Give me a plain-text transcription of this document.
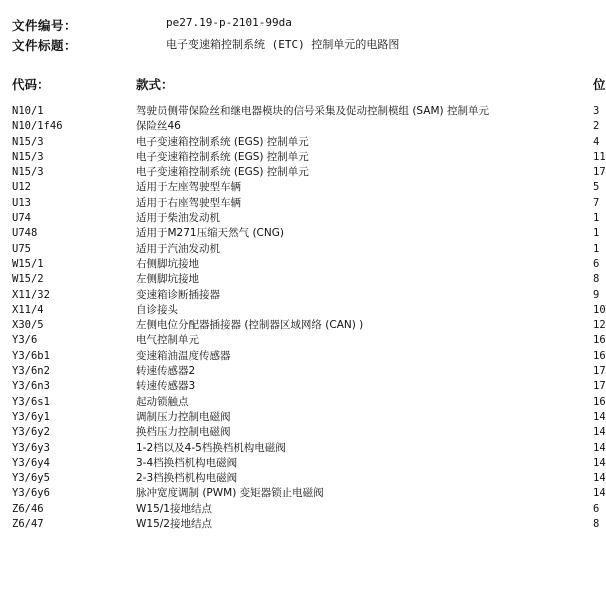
文件编号：	pe27.19-p-2101-99da
文件标题：	电子变速箱控制系统 (ETC) 控制单元的电路图
代码：	款式：	位
N10/1	驾驶员侧带保险丝和继电器模块的信号采集及促动控制模组 (SAM) 控制单元	3
N10/1f46	保险丝46	2
N15/3	电子变速箱控制系统 (EGS) 控制单元	4
N15/3	电子变速箱控制系统 (EGS) 控制单元	11
N15/3	电子变速箱控制系统 (EGS) 控制单元	17
U12	适用于左座驾驶型车辆	5
U13	适用于右座驾驶型车辆	7
U74	适用于柴油发动机	1
U748	适用于M271压缩天然气 (CNG)	1
U75	适用于汽油发动机	1
W15/1	右侧脚坑接地	6
W15/2	左侧脚坑接地	8
X11/32	变速箱诊断插接器	9
X11/4	自诊接头	10
X30/5	左侧电位分配器插接器 (控制器区域网络 (CAN) )	12
Y3/6	电气控制单元	16
Y3/6b1	变速箱油温度传感器	16
Y3/6n2	转速传感器2	17
Y3/6n3	转速传感器3	17
Y3/6s1	起动锁触点	16
Y3/6y1	调制压力控制电磁阀	14
Y3/6y2	换档压力控制电磁阀	14
Y3/6y3	1-2档以及4-5档换档机构电磁阀	14
Y3/6y4	3-4档换档机构电磁阀	14
Y3/6y5	2-3档换档机构电磁阀	14
Y3/6y6	脉冲宽度调制 (PWM) 变矩器锁止电磁阀	14
Z6/46	W15/1接地结点	6
Z6/47	W15/2接地结点	8
